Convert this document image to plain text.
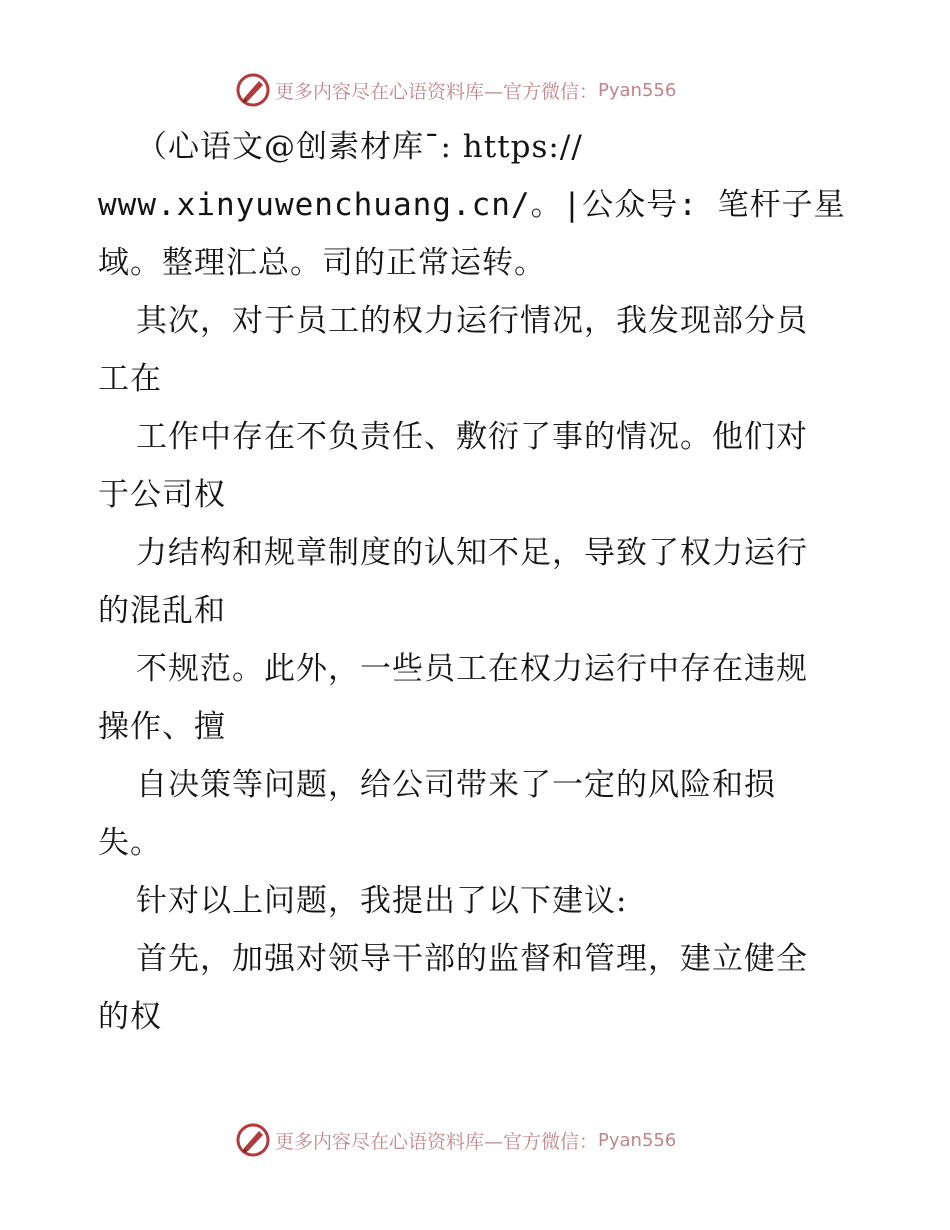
更多内容尽在心语资料库—官方微信： Pyan556
（心语文@创素材库¯: https://
www.xinyuwenchuang.cn/。|公众号: 笔杆子星
域。整理汇总。司的正常运转。
其次，对于员工的权力运行情况，我发现部分员
工在
工作中存在不负责任、敷衍了事的情况。他们对
于公司权
力结构和规章制度的认知不足，导致了权力运行
的混乱和
不规范。此外，一些员工在权力运行中存在违规
操作、擅
自决策等问题，给公司带来了一定的风险和损
失。
针对以上问题，我提出了以下建议:
首先，加强对领导干部的监督和管理，建立健全
的权
更多内容尽在心语资料库—官方微信： Pyan556
